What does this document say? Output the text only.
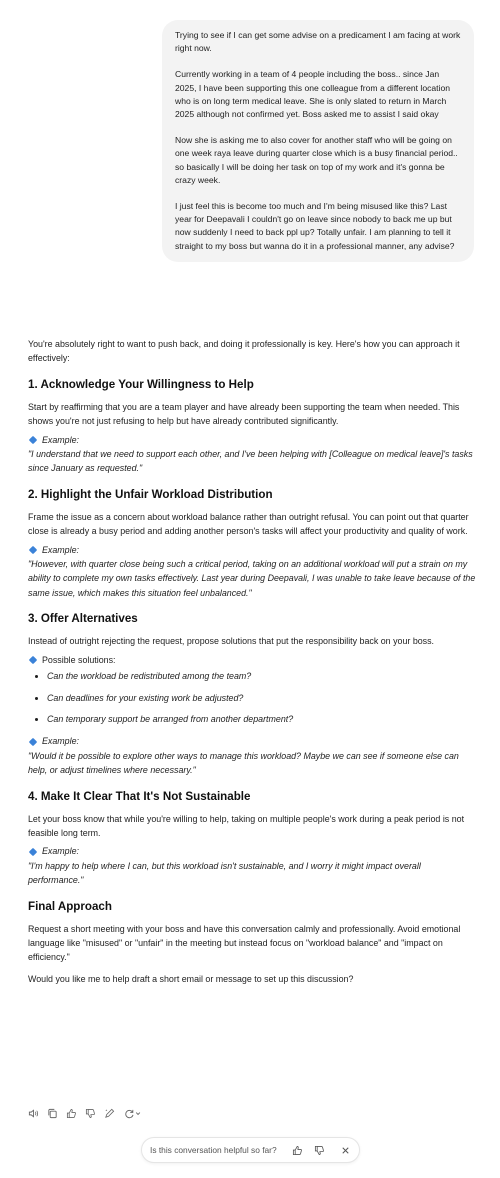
Trying to see if I can get some advise on a predicament I am facing at work right now.

Currently working in a team of 4 people including the boss.. since Jan 2025, I have been supporting this one colleague from a different location who is on long term medical leave. She is only slated to return in March 2025 although not confirmed yet. Boss asked me to assist I said okay

Now she is asking me to also cover for another staff who will be going on one week raya leave during quarter close which is a busy financial period.. so basically I will be doing her task on top of my work and it's gonna be crazy week.

I just feel this is become too much and I'm being misused like this? Last year for Deepavali I couldn't go on leave since nobody to back me up but now suddenly I need to back ppl up? Totally unfair. I am planning to tell it straight to my boss but wanna do it in a professional manner, any advise?

You're absolutely right to want to push back, and doing it professionally is key. Here's how you can approach it effectively:

1. Acknowledge Your Willingness to Help

Start by reaffirming that you are a team player and have already been supporting the team when needed. This shows you're not just refusing to help but have already contributed significantly.

Example:

"I understand that we need to support each other, and I've been helping with [Colleague on medical leave]'s tasks since January as requested."

2. Highlight the Unfair Workload Distribution

Frame the issue as a concern about workload balance rather than outright refusal. You can point out that quarter close is already a busy period and adding another person's tasks will affect your productivity and quality of work.

Example:

"However, with quarter close being such a critical period, taking on an additional workload will put a strain on my ability to complete my own tasks effectively. Last year during Deepavali, I was unable to take leave because of the same issue, which makes this situation feel unbalanced."

3. Offer Alternatives

Instead of outright rejecting the request, propose solutions that put the responsibility back on your boss.

Possible solutions:

• Can the workload be redistributed among the team?
• Can deadlines for your existing work be adjusted?
• Can temporary support be arranged from another department?

Example:

"Would it be possible to explore other ways to manage this workload? Maybe we can see if someone else can help, or adjust timelines where necessary."

4. Make It Clear That It's Not Sustainable

Let your boss know that while you're willing to help, taking on multiple people's work during a peak period is not feasible long term.

Example:

"I'm happy to help where I can, but this workload isn't sustainable, and I worry it might impact overall performance."

Final Approach

Request a short meeting with your boss and have this conversation calmly and professionally. Avoid emotional language like "misused" or "unfair" in the meeting but instead focus on "workload balance" and "impact on efficiency."

Would you like me to help draft a short email or message to set up this discussion?

Is this conversation helpful so far?
